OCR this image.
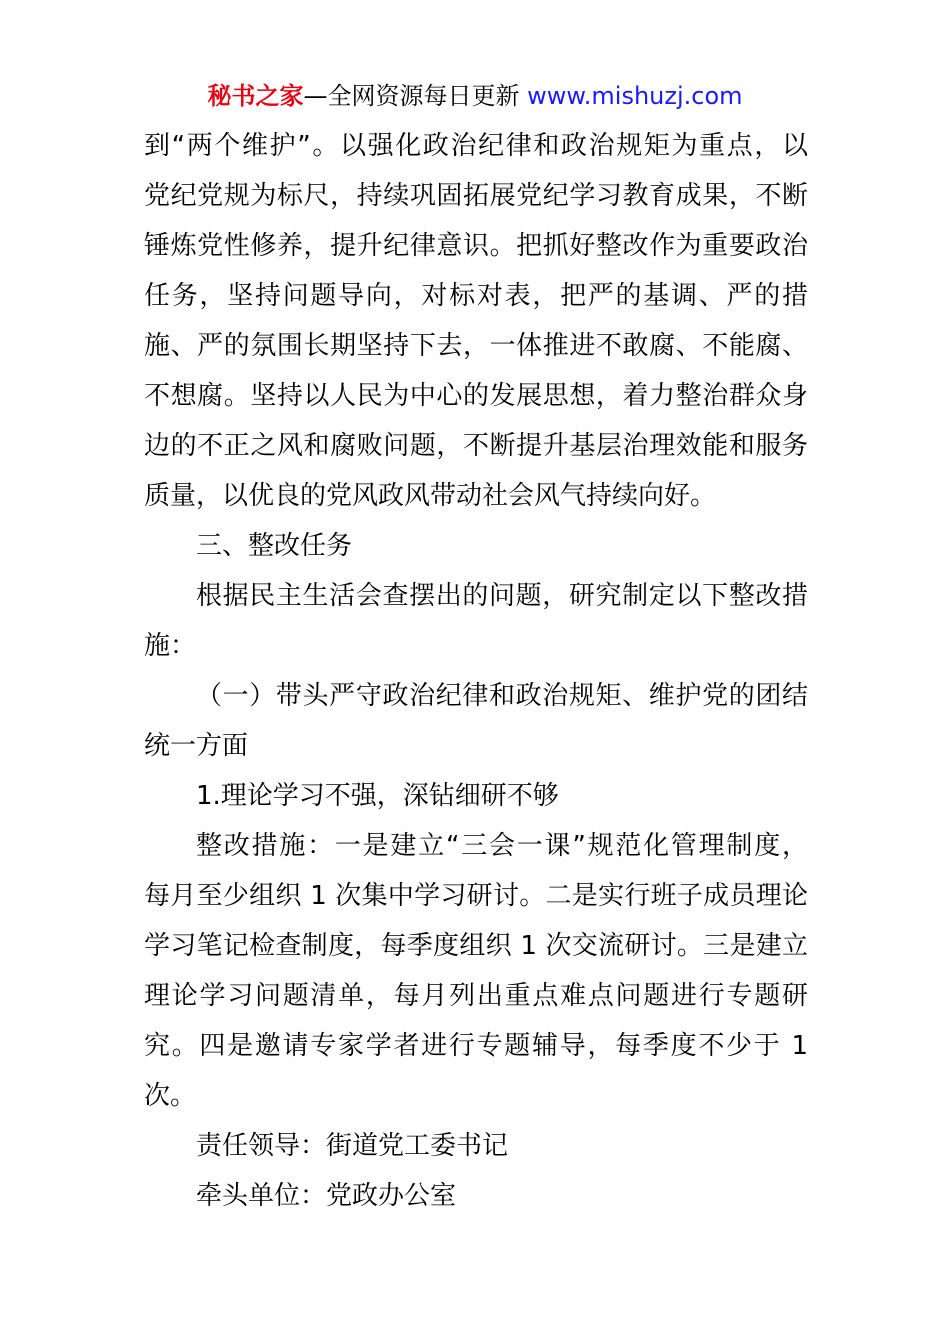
秘书之家—全网资源每日更新 www.mishuzj.com
到“两个维护”。以强化政治纪律和政治规矩为重点，以
党纪党规为标尺，持续巩固拓展党纪学习教育成果，不断
锤炼党性修养，提升纪律意识。把抓好整改作为重要政治
任务，坚持问题导向，对标对表，把严的基调、严的措
施、严的氛围长期坚持下去，一体推进不敢腐、不能腐、
不想腐。坚持以人民为中心的发展思想，着力整治群众身
边的不正之风和腐败问题，不断提升基层治理效能和服务
质量，以优良的党风政风带动社会风气持续向好。
三、整改任务
根据民主生活会查摆出的问题，研究制定以下整改措
施：
（一）带头严守政治纪律和政治规矩、维护党的团结
统一方面
1.理论学习不强，深钻细研不够
整改措施：一是建立“三会一课”规范化管理制度，
每月至少组织 1 次集中学习研讨。二是实行班子成员理论
学习笔记检查制度，每季度组织 1 次交流研讨。三是建立
理论学习问题清单，每月列出重点难点问题进行专题研
究。四是邀请专家学者进行专题辅导，每季度不少于 1
次。
责任领导：街道党工委书记
牵头单位：党政办公室
